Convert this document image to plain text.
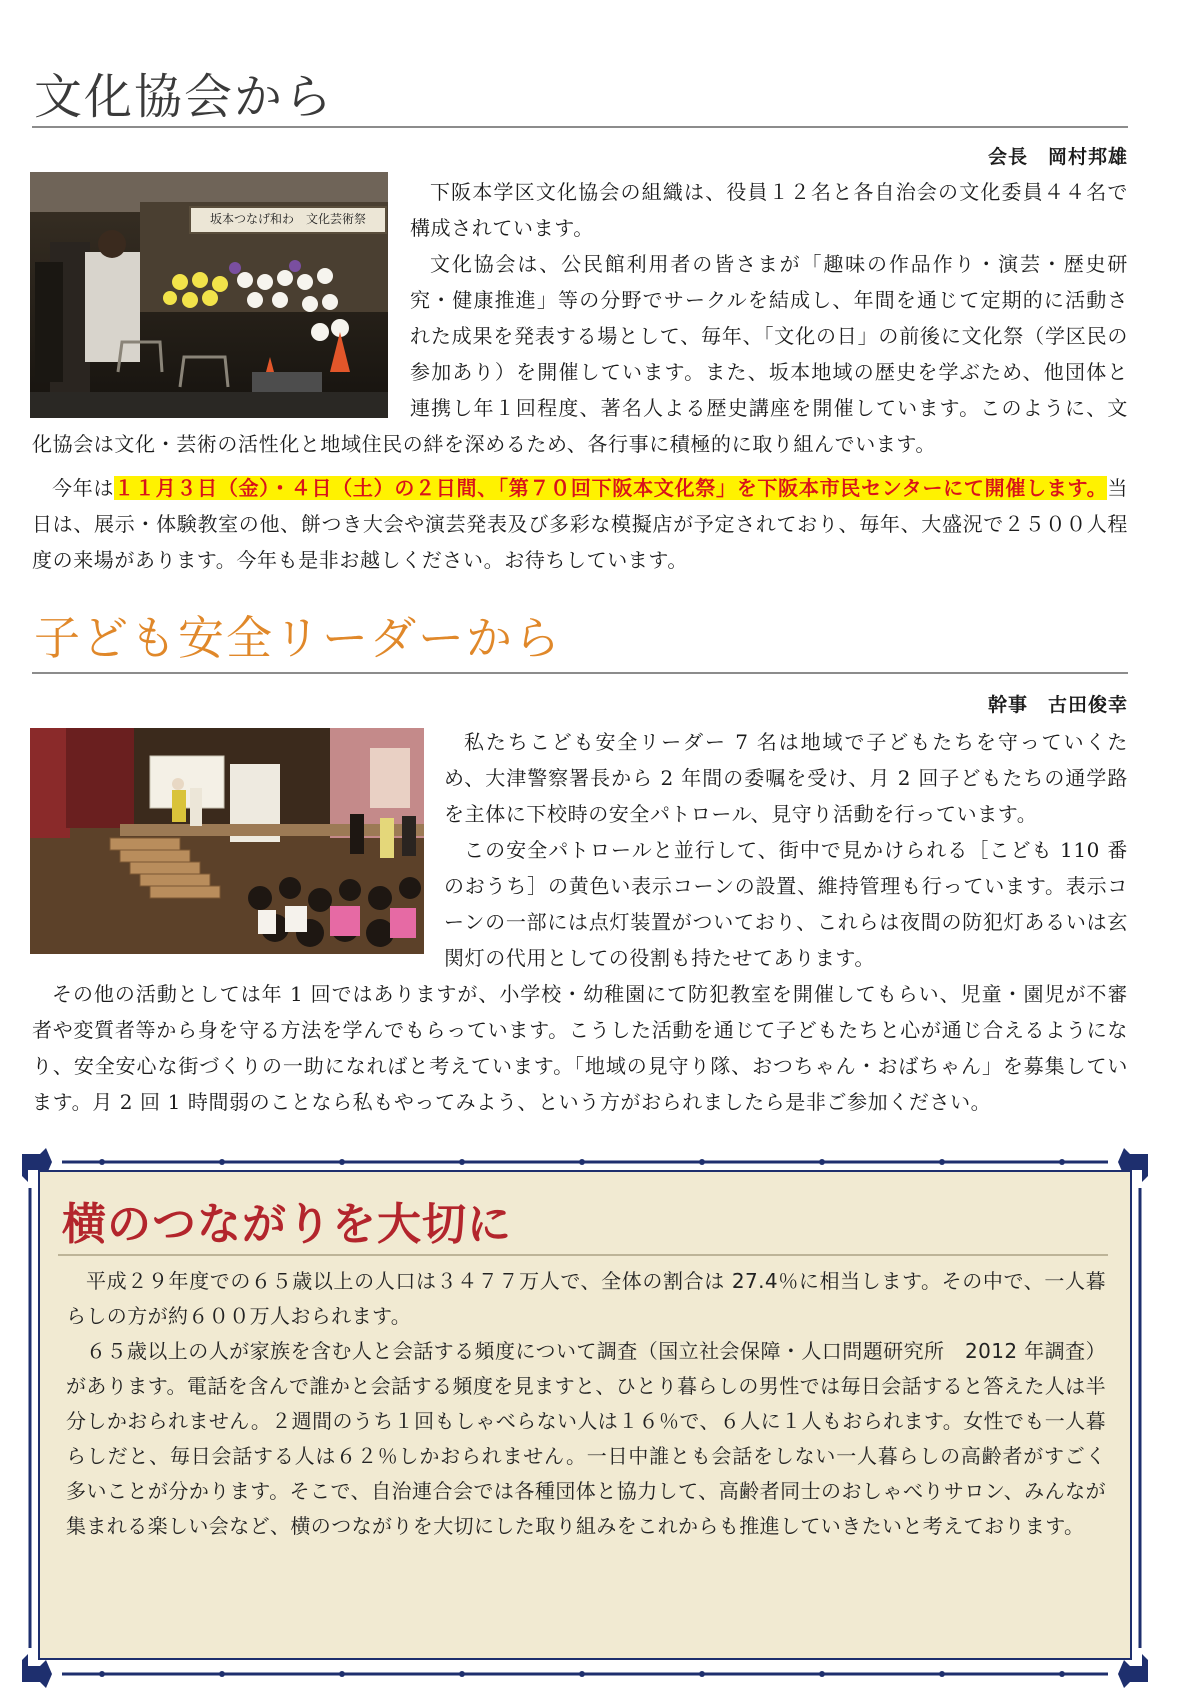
文化協会から
会長　岡村邦雄
坂本つなげ和わ　文化芸術祭

下阪本学区文化協会の組織は、役員１２名と各自治会の文化委員４４名で構成されています。

文化協会は、公民館利用者の皆さまが「趣味の作品作り・演芸・歴史研究・健康推進」等の分野でサークルを結成し、年間を通じて定期的に活動された成果を発表する場として、毎年、「文化の日」の前後に文化祭（学区民の参加あり）を開催しています。また、坂本地域の歴史を学ぶため、他団体と連携し年１回程度、著名人よる歴史講座を開催しています。このように、文化協会は文化・芸術の活性化と地域住民の絆を深めるため、各行事に積極的に取り組んでいます。

今年は１１月３日（金）・４日（土）の２日間、「第７０回下阪本文化祭」を下阪本市民センターにて開催します。当日は、展示・体験教室の他、餅つき大会や演芸発表及び多彩な模擬店が予定されており、毎年、大盛況で２５００人程度の来場があります。今年も是非お越しください。お待ちしています。

子ども安全リーダーから
幹事　古田俊幸

私たちこども安全リーダー 7 名は地域で子どもたちを守っていくため、大津警察署長から 2 年間の委嘱を受け、月 2 回子どもたちの通学路を主体に下校時の安全パトロール、見守り活動を行っています。

この安全パトロールと並行して、街中で見かけられる［こども 110 番のおうち］の黄色い表示コーンの設置、維持管理も行っています。表示コーンの一部には点灯装置がついており、これらは夜間の防犯灯あるいは玄関灯の代用としての役割も持たせてあります。

その他の活動としては年 1 回ではありますが、小学校・幼稚園にて防犯教室を開催してもらい、児童・園児が不審者や変質者等から身を守る方法を学んでもらっています。こうした活動を通じて子どもたちと心が通じ合えるようになり、安全安心な街づくりの一助になればと考えています。「地域の見守り隊、おつちゃん・おばちゃん」を募集しています。月 2 回 1 時間弱のことなら私もやってみよう、という方がおられましたら是非ご参加ください。

横のつながりを大切に

平成２９年度での６５歳以上の人口は３４７７万人で、全体の割合は 27.4％に相当します。その中で、一人暮らしの方が約６００万人おられます。

６５歳以上の人が家族を含む人と会話する頻度について調査（国立社会保障・人口問題研究所　2012 年調査）があります。電話を含んで誰かと会話する頻度を見ますと、ひとり暮らしの男性では毎日会話すると答えた人は半分しかおられません。２週間のうち１回もしゃべらない人は１６％で、６人に１人もおられます。女性でも一人暮らしだと、毎日会話する人は６２％しかおられません。一日中誰とも会話をしない一人暮らしの高齢者がすごく多いことが分かります。そこで、自治連合会では各種団体と協力して、高齢者同士のおしゃべりサロン、みんなが集まれる楽しい会など、横のつながりを大切にした取り組みをこれからも推進していきたいと考えております。
